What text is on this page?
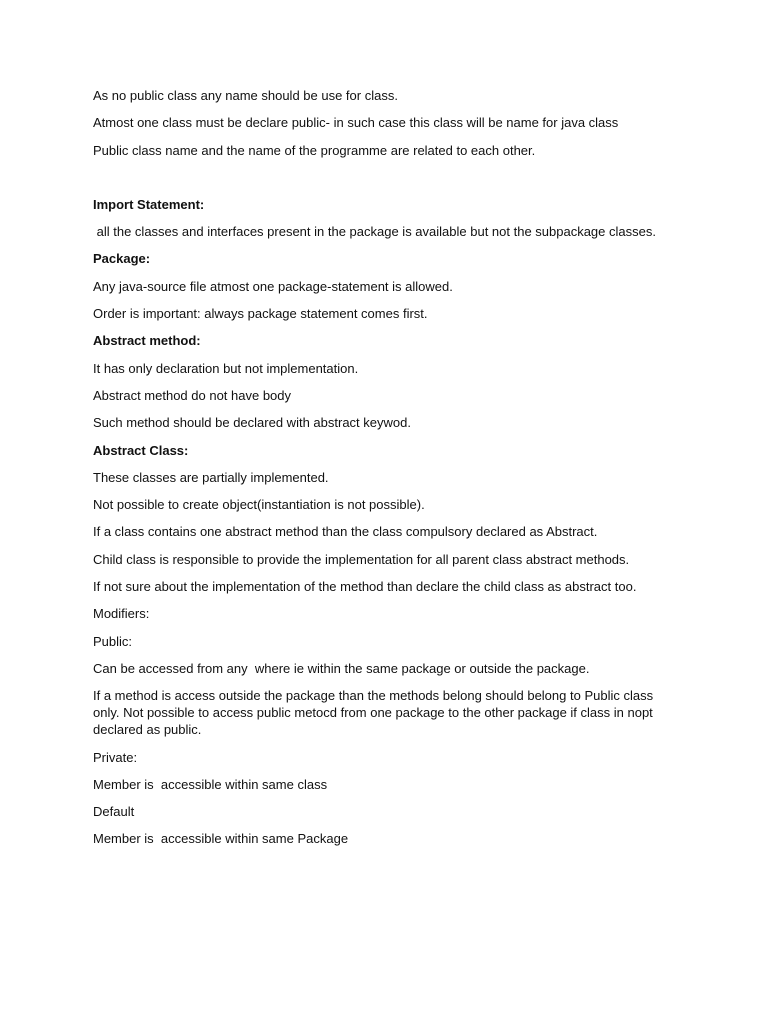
As no public class any name should be use for class.

Atmost one class must be declare public- in such case this class will be name for java class

Public class name and the name of the programme are related to each other.

Import Statement:

all the classes and interfaces present in the package is available but not the subpackage classes.

Package:

Any java-source file atmost one package-statement is allowed.

Order is important: always package statement comes first.

Abstract method:

It has only declaration but not implementation.

Abstract method do not have body

Such method should be declared with abstract keywod.

Abstract Class:

These classes are partially implemented.

Not possible to create object(instantiation is not possible).

If a class contains one abstract method than the class compulsory declared as Abstract.

Child class is responsible to provide the implementation for all parent class abstract methods.

If not sure about the implementation of the method than declare the child class as abstract too.

Modifiers:

Public:

Can be accessed from any  where ie within the same package or outside the package.

If a method is access outside the package than the methods belong should belong to Public class only. Not possible to access public metocd from one package to the other package if class in nopt declared as public.

Private:

Member is  accessible within same class

Default

Member is  accessible within same Package
